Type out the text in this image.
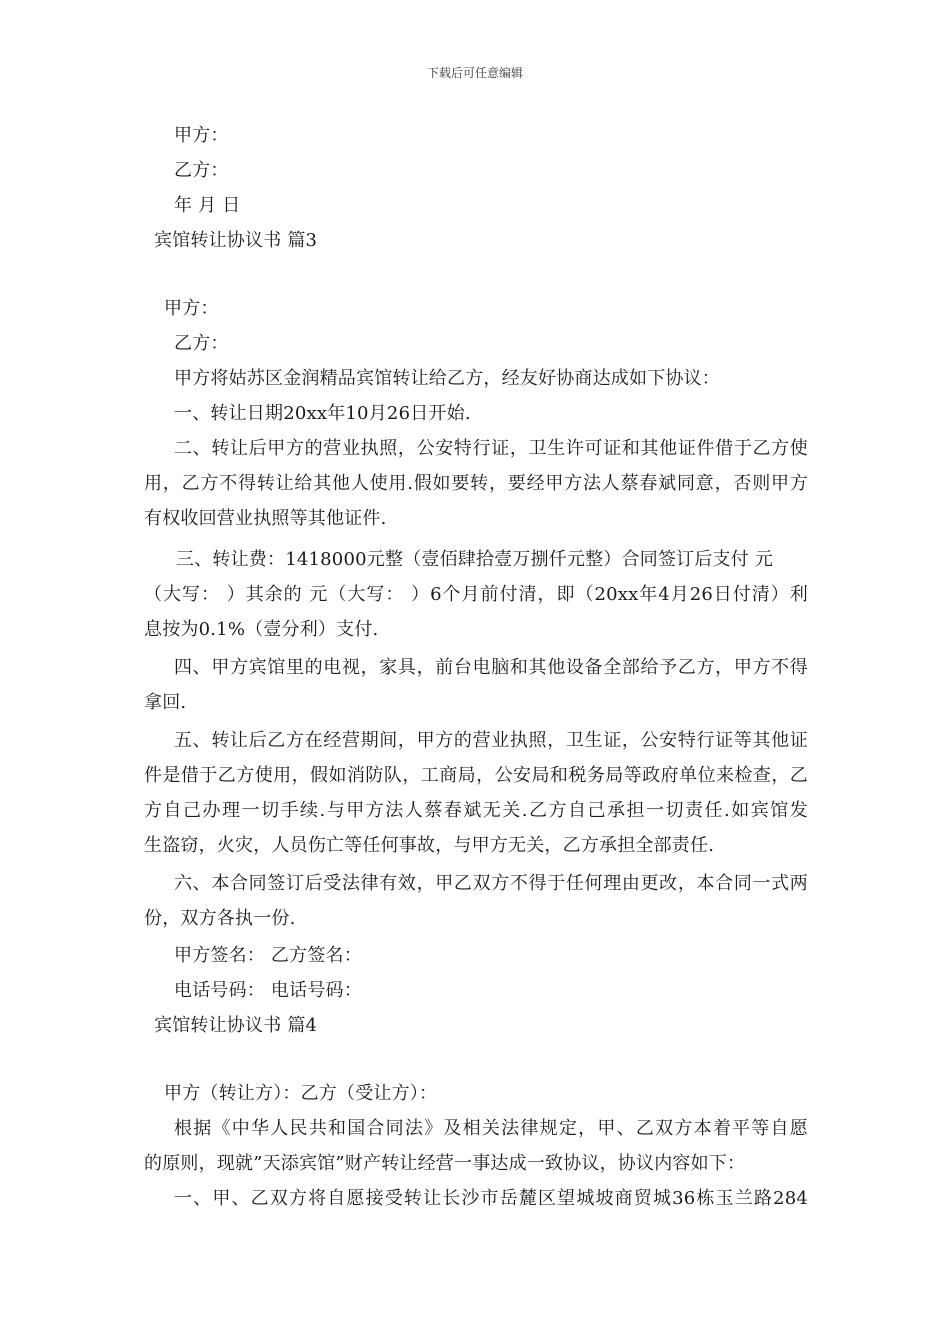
下载后可任意编辑
甲方：
乙方：
年 月 日
宾馆转让协议书 篇3
甲方：
乙方：
甲方将姑苏区金润精品宾馆转让给乙方，经友好协商达成如下协议：
一、转让日期20xx年10月26日开始.
二、转让后甲方的营业执照，公安特行证，卫生许可证和其他证件借于乙方使
用，乙方不得转让给其他人使用.假如要转，要经甲方法人蔡春斌同意，否则甲方
有权收回营业执照等其他证件.
三、转让费：1418000元整（壹佰肆拾壹万捌仟元整）合同签订后支付 元
（大写： ）其余的 元（大写： ）6个月前付清，即（20xx年4月26日付清）利
息按为0.1%（壹分利）支付.
四、甲方宾馆里的电视，家具，前台电脑和其他设备全部给予乙方，甲方不得
拿回.
五、转让后乙方在经营期间，甲方的营业执照，卫生证，公安特行证等其他证
件是借于乙方使用，假如消防队，工商局，公安局和税务局等政府单位来检查，乙
方自己办理一切手续.与甲方法人蔡春斌无关.乙方自己承担一切责任.如宾馆发
生盗窃，火灾，人员伤亡等任何事故，与甲方无关，乙方承担全部责任.
六、本合同签订后受法律有效，甲乙双方不得于任何理由更改，本合同一式两
份，双方各执一份.
甲方签名： 乙方签名：
电话号码： 电话号码：
宾馆转让协议书 篇4
甲方（转让方）：乙方（受让方）：
根据《中华人民共和国合同法》及相关法律规定，甲、乙双方本着平等自愿
的原则，现就”天添宾馆”财产转让经营一事达成一致协议，协议内容如下：
一、甲、乙双方将自愿接受转让长沙市岳麓区望城坡商贸城36栋玉兰路284
